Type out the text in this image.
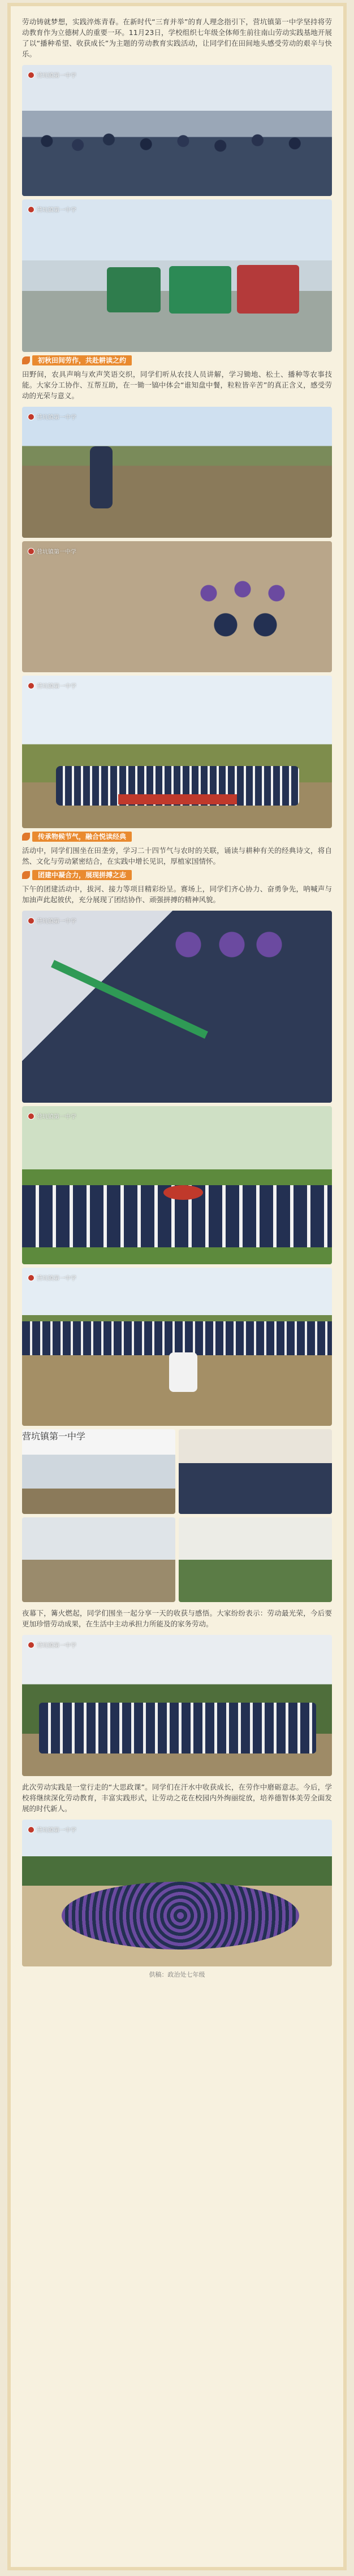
劳动铸就梦想，实践淬炼青春。在新时代“三育并举”的育人理念指引下，营坑镇第一中学坚持将劳动教育作为立德树人的重要一环。11月23日，学校组织七年级全体师生前往南山劳动实践基地开展了以“播种希望、收获成长”为主题的劳动教育实践活动，让同学们在田间地头感受劳动的艰辛与快乐。

营坑镇第一中学
营坑镇第一中学
初秋田间劳作，共赴耕读之约

田野间，农具声响与欢声笑语交织，同学们听从农技人员讲解，学习锄地、松土、播种等农事技能。大家分工协作、互帮互助，在一锄一镐中体会“谁知盘中餐，粒粒皆辛苦”的真正含义，感受劳动的光荣与意义。

营坑镇第一中学
营坑镇第一中学
营坑镇第一中学
传承物候节气，融合悦读经典

活动中，同学们围坐在田垄旁，学习二十四节气与农时的关联，诵读与耕种有关的经典诗文，将自然、文化与劳动紧密结合，在实践中增长见识，厚植家国情怀。

团建中凝合力，展现拼搏之志

下午的团建活动中，拔河、接力等项目精彩纷呈。赛场上，同学们齐心协力、奋勇争先，呐喊声与加油声此起彼伏，充分展现了团结协作、顽强拼搏的精神风貌。

营坑镇第一中学
营坑镇第一中学
营坑镇第一中学
营坑镇第一中学

夜幕下，篝火燃起，同学们围坐一起分享一天的收获与感悟。大家纷纷表示：劳动最光荣，今后要更加珍惜劳动成果，在生活中主动承担力所能及的家务劳动。

营坑镇第一中学

此次劳动实践是一堂行走的“大思政课”。同学们在汗水中收获成长，在劳作中磨砺意志。今后，学校将继续深化劳动教育，丰富实践形式，让劳动之花在校园内外绚丽绽放，培养德智体美劳全面发展的时代新人。

营坑镇第一中学
供稿：政治处七年级
